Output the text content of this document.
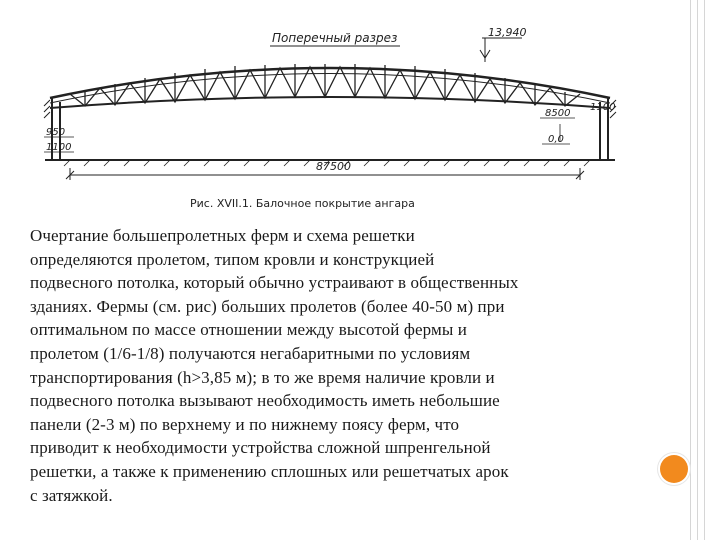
Поперечный разрез	13,940
950
1100
8500
1100
0,0
87500
Рис. XVII.1. Балочное покрытие ангара
Очертание большепролетных ферм и схема решетки
определяются пролетом, типом кровли и конструкцией
подвесного потолка, который обычно устраивают в общественных
зданиях. Фермы (см. рис) больших пролетов (более 40-50 м) при
оптимальном по массе отношении между высотой фермы и
пролетом (1/6-1/8) получаются негабаритными по условиям
транспортирования (h>3,85 м); в то же время наличие кровли и
подвесного потолка вызывают необходимость иметь небольшие
панели (2-3 м) по верхнему и по нижнему поясу ферм, что
приводит к необходимости устройства сложной шпренгельной
решетки, а также к применению сплошных или решетчатых арок
с затяжкой.
